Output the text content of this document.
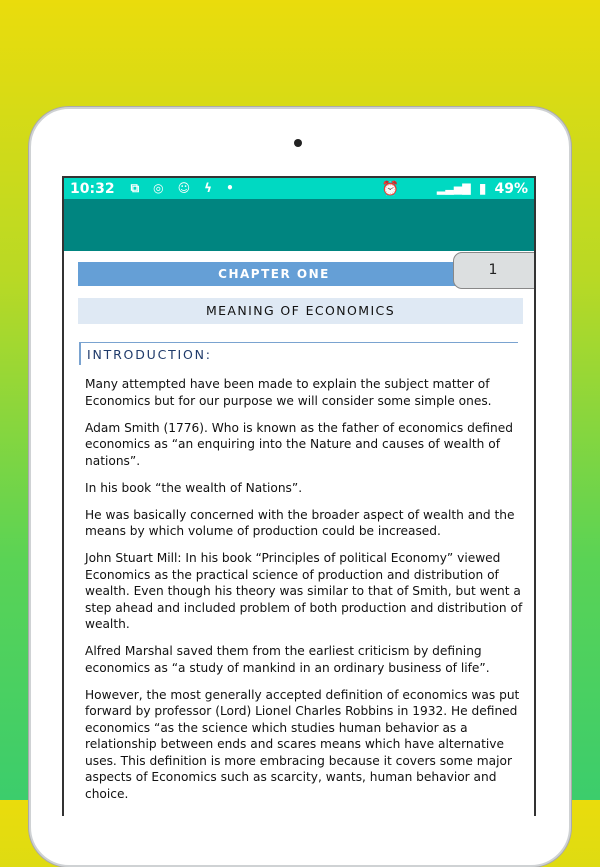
10:32 ⧉ ◎ ☺ ϟ •	⏰	▂▃▅▇ ▮ 49%
CHAPTER ONE	1
MEANING OF ECONOMICS
INTRODUCTION:

Many attempted have been made to explain the subject matter of Economics but for our purpose we will consider some simple ones.

Adam Smith (1776). Who is known as the father of economics defined economics as “an enquiring into the Nature and causes of wealth of nations”.

In his book “the wealth of Nations”.

He was basically concerned with the broader aspect of wealth and the means by which volume of production could be increased.

John Stuart Mill: In his book “Principles of political Economy” viewed Economics as the practical science of production and distribution of wealth. Even though his theory was similar to that of Smith, but went a step ahead and included problem of both production and distribution of wealth.

Alfred Marshal saved them from the earliest criticism by defining economics as “a study of mankind in an ordinary business of life”.

However, the most generally accepted definition of economics was put forward by professor (Lord) Lionel Charles Robbins in 1932. He defined economics “as the science which studies human behavior as a relationship between ends and scares means which have alternative uses. This definition is more embracing because it covers some major aspects of Economics such as scarcity, wants, human behavior and choice.
